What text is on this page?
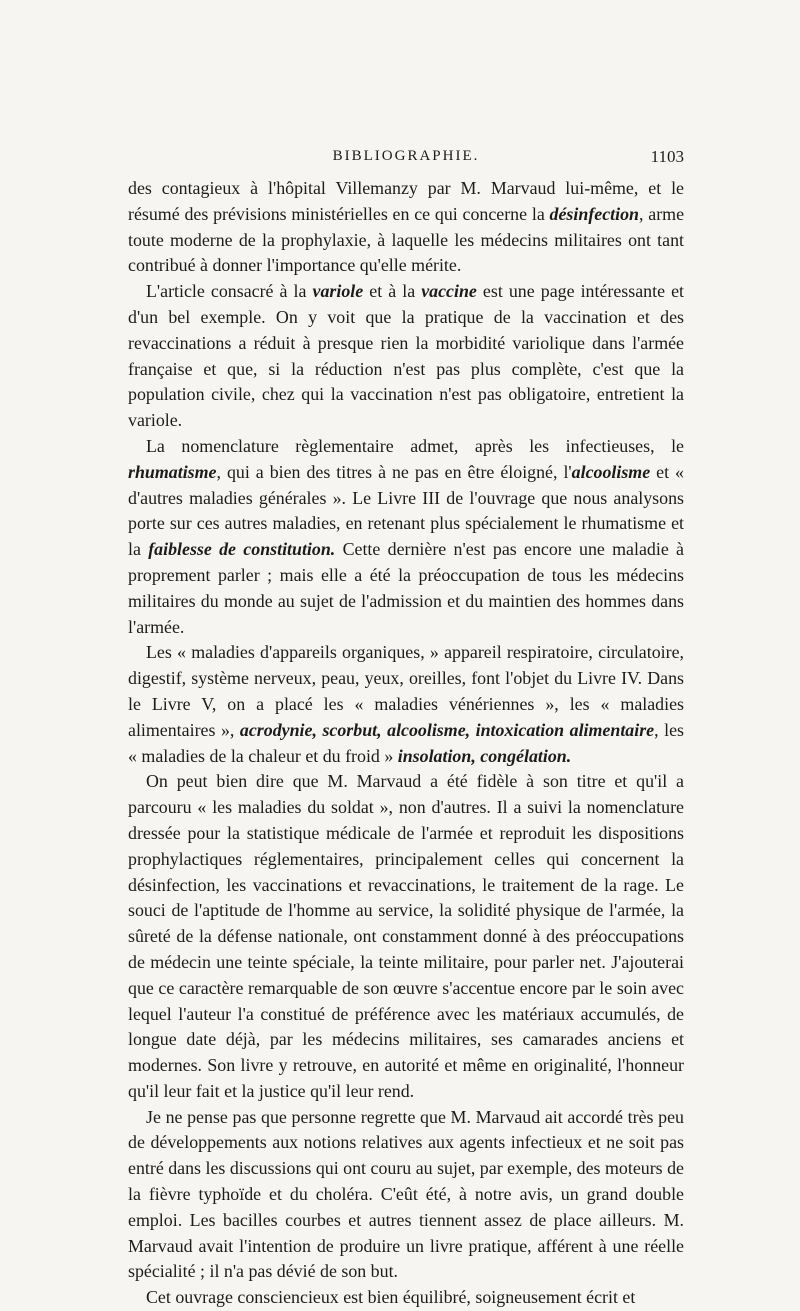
BIBLIOGRAPHIE.	1103

des contagieux à l'hôpital Villemanzy par M. Marvaud lui-même, et le résumé des prévisions ministérielles en ce qui concerne la désinfection, arme toute moderne de la prophylaxie, à laquelle les médecins militaires ont tant contribué à donner l'importance qu'elle mérite.

L'article consacré à la variole et à la vaccine est une page intéressante et d'un bel exemple. On y voit que la pratique de la vaccination et des revaccinations a réduit à presque rien la morbidité variolique dans l'armée française et que, si la réduction n'est pas plus complète, c'est que la population civile, chez qui la vaccination n'est pas obligatoire, entretient la variole.

La nomenclature règlementaire admet, après les infectieuses, le rhumatisme, qui a bien des titres à ne pas en être éloigné, l'alcoolisme et « d'autres maladies générales ». Le Livre III de l'ouvrage que nous analysons porte sur ces autres maladies, en retenant plus spécialement le rhumatisme et la faiblesse de constitution. Cette dernière n'est pas encore une maladie à proprement parler ; mais elle a été la préoccupation de tous les médecins militaires du monde au sujet de l'admission et du maintien des hommes dans l'armée.

Les « maladies d'appareils organiques, » appareil respiratoire, circulatoire, digestif, système nerveux, peau, yeux, oreilles, font l'objet du Livre IV. Dans le Livre V, on a placé les « maladies vénériennes », les « maladies alimentaires », acrodynie, scorbut, alcoolisme, intoxication alimentaire, les « maladies de la chaleur et du froid » insolation, congélation.

On peut bien dire que M. Marvaud a été fidèle à son titre et qu'il a parcouru « les maladies du soldat », non d'autres. Il a suivi la nomenclature dressée pour la statistique médicale de l'armée et reproduit les dispositions prophylactiques réglementaires, principalement celles qui concernent la désinfection, les vaccinations et revaccinations, le traitement de la rage. Le souci de l'aptitude de l'homme au service, la solidité physique de l'armée, la sûreté de la défense nationale, ont constamment donné à des préoccupations de médecin une teinte spéciale, la teinte militaire, pour parler net. J'ajouterai que ce caractère remarquable de son œuvre s'accentue encore par le soin avec lequel l'auteur l'a constitué de préférence avec les matériaux accumulés, de longue date déjà, par les médecins militaires, ses camarades anciens et modernes. Son livre y retrouve, en autorité et même en originalité, l'honneur qu'il leur fait et la justice qu'il leur rend.

Je ne pense pas que personne regrette que M. Marvaud ait accordé très peu de développements aux notions relatives aux agents infectieux et ne soit pas entré dans les discussions qui ont couru au sujet, par exemple, des moteurs de la fièvre typhoïde et du choléra. C'eût été, à notre avis, un grand double emploi. Les bacilles courbes et autres tiennent assez de place ailleurs. M. Marvaud avait l'intention de produire un livre pratique, afférent à une réelle spécialité ; il n'a pas dévié de son but.

Cet ouvrage consciencieux est bien équilibré, soigneusement écrit et
